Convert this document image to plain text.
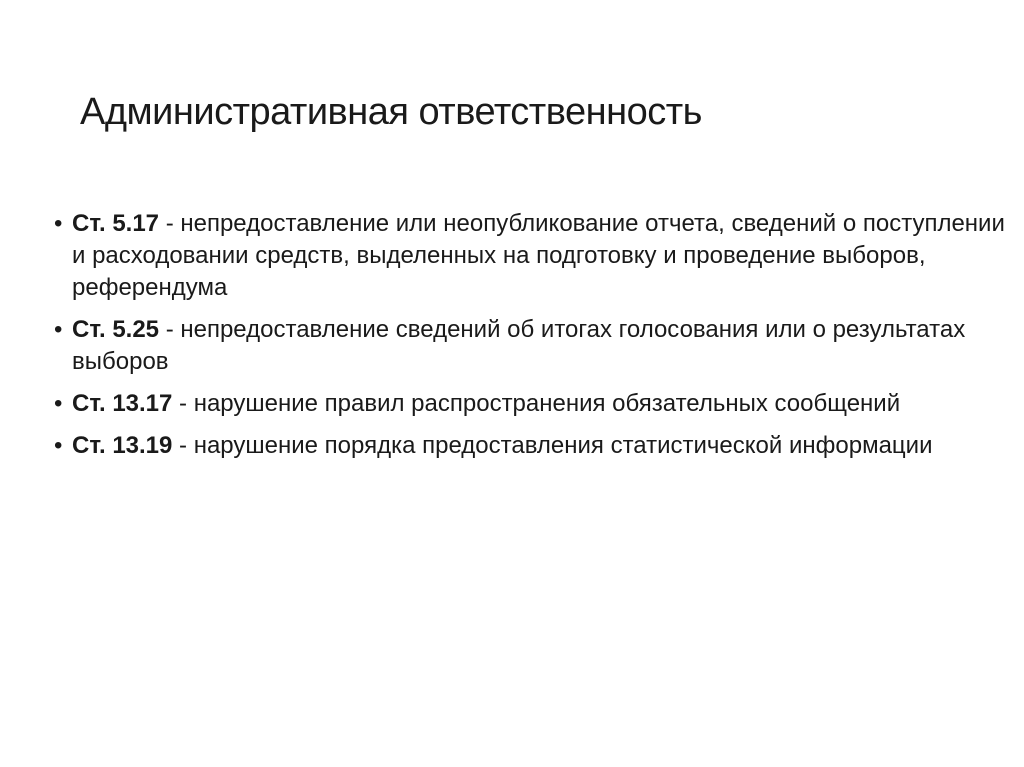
Административная ответственность
• Ст. 5.17 - непредоставление или неопубликование отчета, сведений о поступлении и расходовании средств, выделенных на подготовку и проведение выборов, референдума
• Ст. 5.25 - непредоставление сведений об итогах голосования или о результатах выборов
• Ст. 13.17 - нарушение правил распространения обязательных сообщений
• Ст. 13.19 - нарушение порядка предоставления статистической информации
